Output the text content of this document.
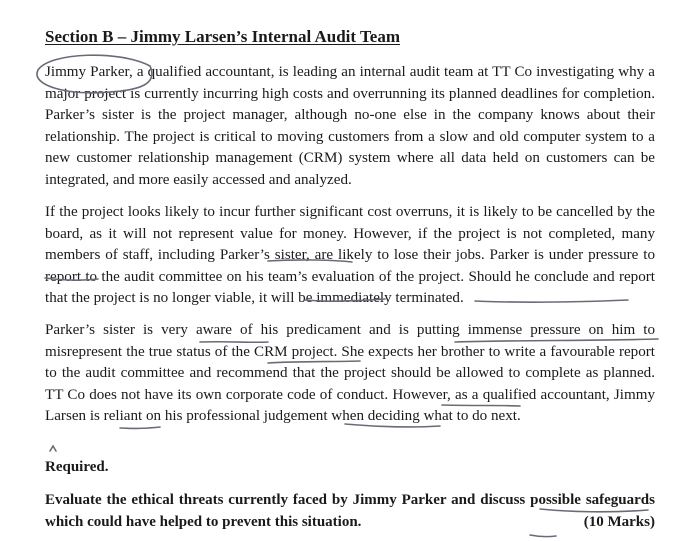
Section B – Jimmy Larsen’s Internal Audit Team
Jimmy Parker, a qualified accountant, is leading an internal audit team at TT Co investigating why a major project is currently incurring high costs and overrunning its planned deadlines for completion. Parker’s sister is the project manager, although no-one else in the company knows about their relationship. The project is critical to moving customers from a slow and old computer system to a new customer relationship management (CRM) system where all data held on customers can be integrated, and more easily accessed and analyzed.
If the project looks likely to incur further significant cost overruns, it is likely to be cancelled by the board, as it will not represent value for money. However, if the project is not completed, many members of staff, including Parker’s sister, are likely to lose their jobs. Parker is under pressure to report to the audit committee on his team’s evaluation of the project. Should he conclude and report that the project is no longer viable, it will be immediately terminated.
Parker’s sister is very aware of his predicament and is putting immense pressure on him to misrepresent the true status of the CRM project. She expects her brother to write a favourable report to the audit committee and recommend that the project should be allowed to complete as planned. TT Co does not have its own corporate code of conduct. However, as a qualified accountant, Jimmy Larsen is reliant on his professional judgement when deciding what to do next.
Required.
Evaluate the ethical threats currently faced by Jimmy Parker and discuss possible safeguards which could have helped to prevent this situation.	(10 Marks)
